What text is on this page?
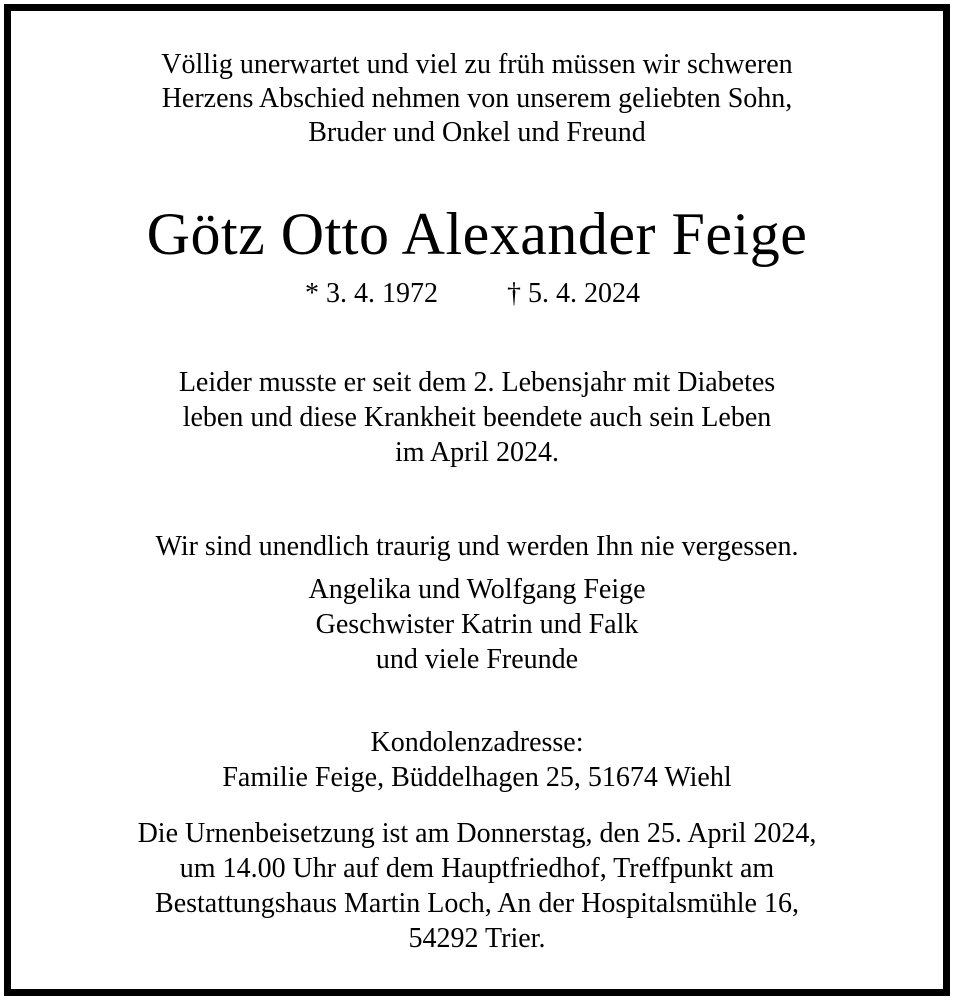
Völlig unerwartet und viel zu früh müssen wir schweren
Herzens Abschied nehmen von unserem geliebten Sohn,
Bruder und Onkel und Freund
Götz Otto Alexander Feige
* 3. 4. 1972 † 5. 4. 2024
Leider musste er seit dem 2. Lebensjahr mit Diabetes
leben und diese Krankheit beendete auch sein Leben
im April 2024.
Wir sind unendlich traurig und werden Ihn nie vergessen.
Angelika und Wolfgang Feige
Geschwister Katrin und Falk
und viele Freunde
Kondolenzadresse:
Familie Feige, Büddelhagen 25, 51674 Wiehl
Die Urnenbeisetzung ist am Donnerstag, den 25. April 2024,
um 14.00 Uhr auf dem Hauptfriedhof, Treffpunkt am
Bestattungshaus Martin Loch, An der Hospitalsmühle 16,
54292 Trier.
